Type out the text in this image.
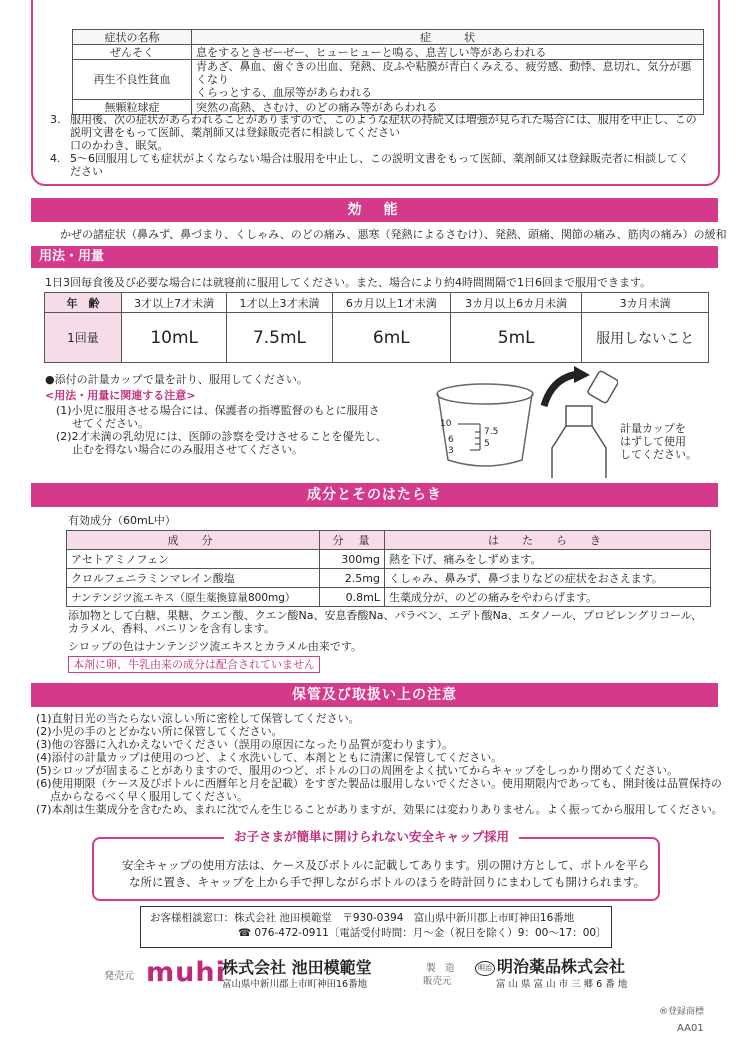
症状の名称	症　　　状
ぜんそく	息をするときゼーゼー、ヒューヒューと鳴る、息苦しい等があらわれる
再生不良性貧血	青あざ、鼻血、歯ぐきの出血、発熱、皮ふや粘膜が青白くみえる、疲労感、動悸、息切れ、気分が悪くなり
くらっとする、血尿等があらわれる

無顆粒球症	突然の高熱、さむけ、のどの痛み等があらわれる
3. 服用後、次の症状があらわれることがありますので、このような症状の持続又は増強が見られた場合には、服用を中止し、この
説明文書をもって医師、薬剤師又は登録販売者に相談してください
口のかわき、眠気。
4. 5～6回服用しても症状がよくならない場合は服用を中止し、この説明文書をもって医師、薬剤師又は登録販売者に相談してく
ださい
効　能
かぜの諸症状（鼻みず、鼻づまり、くしゃみ、のどの痛み、悪寒（発熱によるさむけ）、発熱、頭痛、関節の痛み、筋肉の痛み）の緩和
用法・用量
1日3回毎食後及び必要な場合には就寝前に服用してください。また、場合により約4時間間隔で1日6回まで服用できます。
年　齢	3才以上7才未満	1才以上3才未満	6カ月以上1才未満	3カ月以上6カ月未満	3カ月未満
1回量	10mL	7.5mL	6mL	5mL	服用しないこと
●添付の計量カップで量を計り、服用してください。
<用法・用量に関連する注意>
(1)小児に服用させる場合には、保護者の指導監督のもとに服用さ
せてください。
(2)2才未満の乳幼児には、医師の診察を受けさせることを優先し、
止むを得ない場合にのみ服用させてください。
10
7.5
6	5
3
計量カップを
はずして使用
してください。
成分とそのはたらき
有効成分（60mL中）
成　分	分　量	は　た　ら　き
アセトアミノフェン	300mg	熱を下げ、痛みをしずめます。
クロルフェニラミンマレイン酸塩	2.5mg	くしゃみ、鼻みず、鼻づまりなどの症状をおさえます。
ナンテンジツ流エキス（原生薬換算量800mg）	0.8mL	生薬成分が、のどの痛みをやわらげます。
添加物として白糖、果糖、クエン酸、クエン酸Na、安息香酸Na、パラベン、エデト酸Na、エタノール、プロピレングリコール、
カラメル、香料、バニリンを含有します。
シロップの色はナンテンジツ流エキスとカラメル由来です。
本剤に卵、牛乳由来の成分は配合されていません
保管及び取扱い上の注意
(1)直射日光の当たらない涼しい所に密栓して保管してください。
(2)小児の手のとどかない所に保管してください。
(3)他の容器に入れかえないでください（誤用の原因になったり品質が変わります）。
(4)添付の計量カップは使用のつど、よく水洗いして、本剤とともに清潔に保管してください。
(5)シロップが固まることがありますので、服用のつど、ボトルの口の周囲をよく拭いてからキャップをしっかり閉めてください。
(6)使用期限（ケース及びボトルに西暦年と月を記載）をすぎた製品は服用しないでください。使用期限内であっても、開封後は品質保持の
点からなるべく早く服用してください。
(7)本剤は生薬成分を含むため、まれに沈でんを生じることがありますが、効果には変わりありません。よく振ってから服用してください。
お子さまが簡単に開けられない安全キャップ採用
安全キャップの使用方法は、ケース及びボトルに記載してあります。別の開け方として、ボトルを平ら
な所に置き、キャップを上から手で押しながらボトルのほうを時計回りにまわしても開けられます。
お客様相談窓口：株式会社 池田模範堂　〒930-0394　富山県中新川郡上市町神田16番地
☎ 076-472-0911〔電話受付時間：月～金（祝日を除く）9：00～17：00〕
発売元 muhi
株式会社 池田模範堂
富山県中新川郡上市町神田16番地
製　造
販売元
明治 明治薬品株式会社
富 山 県 富 山 市 三 郷 6 番 地
®登録商標
AA01
